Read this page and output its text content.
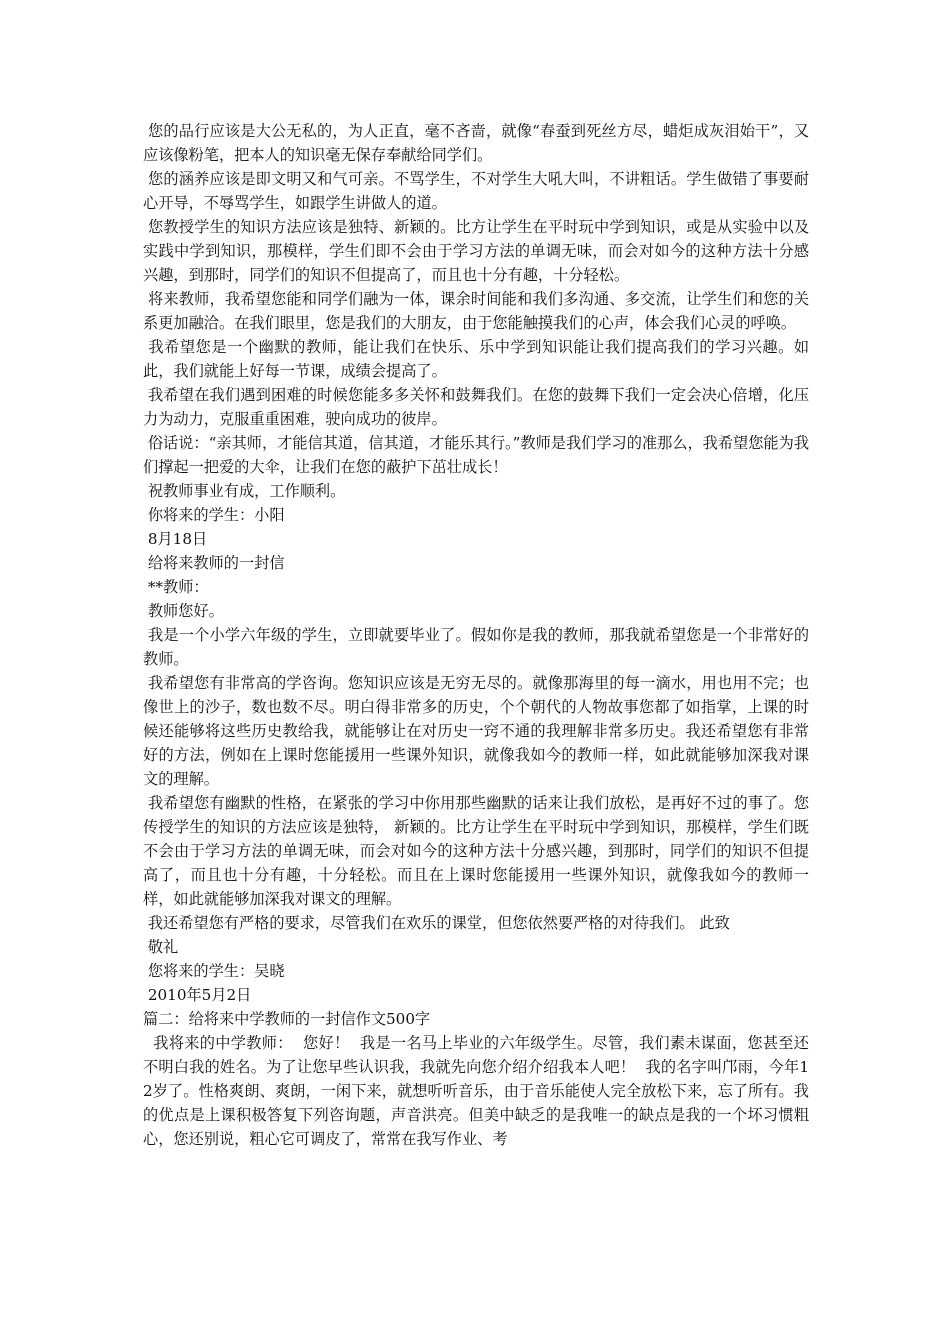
您的品行应该是大公无私的，为人正直，毫不吝啬，就像“春蚕到死丝方尽，蜡炬成灰泪始干”，又应该像粉笔，把本人的知识毫无保存奉献给同学们。

您的涵养应该是即文明又和气可亲。不骂学生，不对学生大吼大叫，不讲粗话。学生做错了事要耐心开导，不辱骂学生，如跟学生讲做人的道。

您教授学生的知识方法应该是独特、新颖的。比方让学生在平时玩中学到知识，或是从实验中以及实践中学到知识，那模样，学生们即不会由于学习方法的单调无味，而会对如今的这种方法十分感兴趣，到那时，同学们的知识不但提高了，而且也十分有趣，十分轻松。

将来教师，我希望您能和同学们融为一体，课余时间能和我们多沟通、多交流，让学生们和您的关系更加融洽。在我们眼里，您是我们的大朋友，由于您能触摸我们的心声，体会我们心灵的呼唤。

我希望您是一个幽默的教师，能让我们在快乐、乐中学到知识能让我们提高我们的学习兴趣。如此，我们就能上好每一节课，成绩会提高了。

我希望在我们遇到困难的时候您能多多关怀和鼓舞我们。在您的鼓舞下我们一定会决心倍增，化压力为动力，克服重重困难，驶向成功的彼岸。

俗话说：“亲其师，才能信其道，信其道，才能乐其行。”教师是我们学习的准那么，我希望您能为我们撑起一把爱的大伞，让我们在您的蔽护下茁壮成长！

祝教师事业有成，工作顺利。

你将来的学生：小阳

8月18日

给将来教师的一封信

**教师：

教师您好。

我是一个小学六年级的学生，立即就要毕业了。假如你是我的教师，那我就希望您是一个非常好的教师。

我希望您有非常高的学咨询。您知识应该是无穷无尽的。就像那海里的每一滴水，用也用不完；也像世上的沙子，数也数不尽。明白得非常多的历史，个个朝代的人物故事您都了如指掌，上课的时候还能够将这些历史教给我，就能够让在对历史一窍不通的我理解非常多历史。我还希望您有非常好的方法，例如在上课时您能援用一些课外知识，就像我如今的教师一样，如此就能够加深我对课文的理解。

我希望您有幽默的性格，在紧张的学习中你用那些幽默的话来让我们放松，是再好不过的事了。您传授学生的知识的方法应该是独特， 新颖的。比方让学生在平时玩中学到知识，那模样，学生们既不会由于学习方法的单调无味，而会对如今的这种方法十分感兴趣，到那时，同学们的知识不但提高了，而且也十分有趣，十分轻松。而且在上课时您能援用一些课外知识，就像我如今的教师一样，如此就能够加深我对课文的理解。

我还希望您有严格的要求，尽管我们在欢乐的课堂，但您依然要严格的对待我们。 此致

敬礼

您将来的学生：吴晓

2010年5月2日

篇二：给将来中学教师的一封信作文500字

我将来的中学教师：  您好！  我是一名马上毕业的六年级学生。尽管，我们素未谋面，您甚至还不明白我的姓名。为了让您早些认识我，我就先向您介绍介绍我本人吧！  我的名字叫邝雨，今年12岁了。性格爽朗、爽朗，一闲下来，就想听听音乐，由于音乐能使人完全放松下来，忘了所有。我的优点是上课积极答复下列咨询题，声音洪亮。但美中缺乏的是我唯一的缺点是我的一个坏习惯粗心，您还别说，粗心它可调皮了，常常在我写作业、考
